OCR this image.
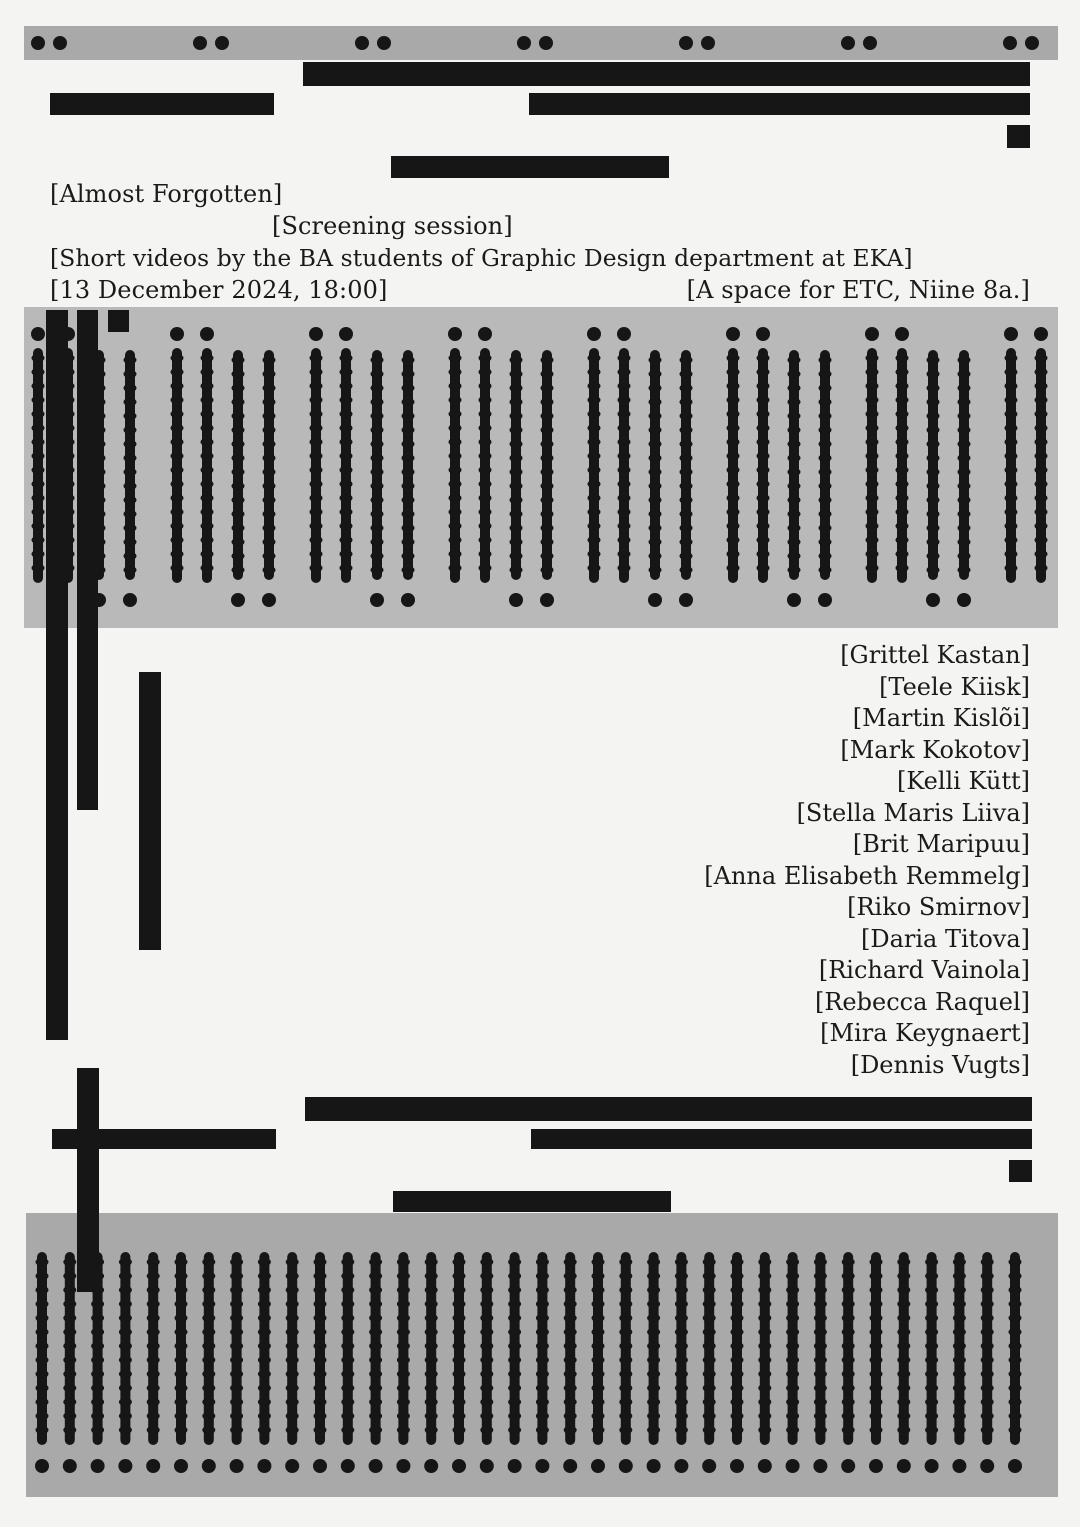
[Almost Forgotten]
[Screening session]
[Short videos by the BA students of Graphic Design department at EKA]
[13 December 2024, 18:00]	[A space for ETC, Niine 8a.]
[Grittel Kastan]
[Teele Kiisk]
[Martin Kislõi]
[Mark Kokotov]
[Kelli Kütt]
[Stella Maris Liiva]
[Brit Maripuu]
[Anna Elisabeth Remmelg]
[Riko Smirnov]
[Daria Titova]
[Richard Vainola]
[Rebecca Raquel]
[Mira Keygnaert]
[Dennis Vugts]
